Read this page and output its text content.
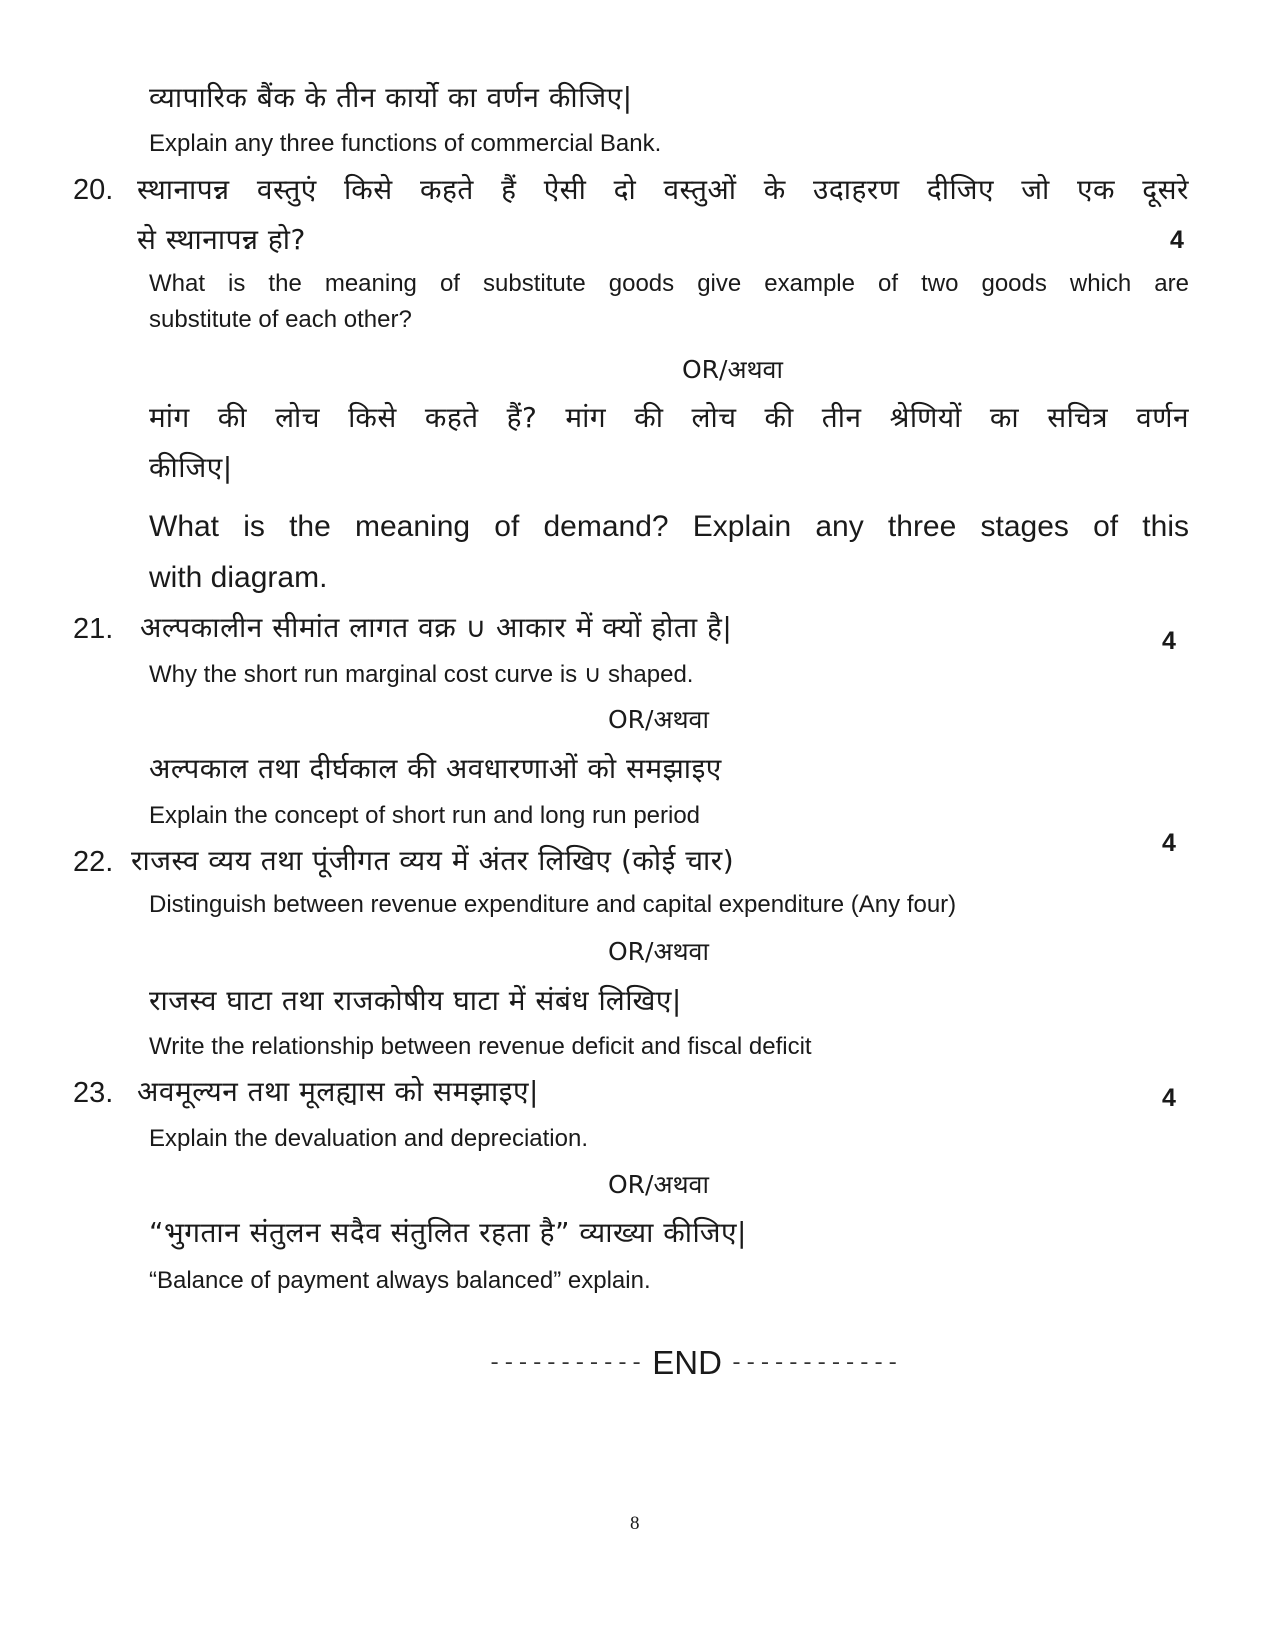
व्यापारिक बैंक के तीन कार्यो का वर्णन कीजिए|

Explain any three functions of commercial Bank.

20. स्थानापन्न वस्तुएं किसे कहते हैं ऐसी दो वस्तुओं के उदाहरण दीजिए जो एक दूसरे

से स्थानापन्न हो?	4

What is the meaning of substitute goods give example of two goods which are

substitute of each other?

OR/अथवा

मांग की लोच किसे कहते हैं? मांग की लोच की तीन श्रेणियों का सचित्र वर्णन

कीजिए|

What is the meaning of demand? Explain any three stages of this

with diagram.

21. अल्पकालीन सीमांत लागत वक्र ∪ आकार में क्यों होता है|	4

Why the short run marginal cost curve is ∪ shaped.

OR/अथवा

अल्पकाल तथा दीर्घकाल की अवधारणाओं को समझाइए

Explain the concept of short run and long run period

4
22. राजस्व व्यय तथा पूंजीगत व्यय में अंतर लिखिए (कोई चार)

Distinguish between revenue expenditure and capital expenditure (Any four)

OR/अथवा

राजस्व घाटा तथा राजकोषीय घाटा में संबंध लिखिए|

Write the relationship between revenue deficit and fiscal deficit

23. अवमूल्यन तथा मूलह्यास को समझाइए|	4

Explain the devaluation and depreciation.

OR/अथवा

“भुगतान संतुलन सदैव संतुलित रहता है” व्याख्या कीजिए|

“Balance of payment always balanced” explain.

----------- END ------------
8
